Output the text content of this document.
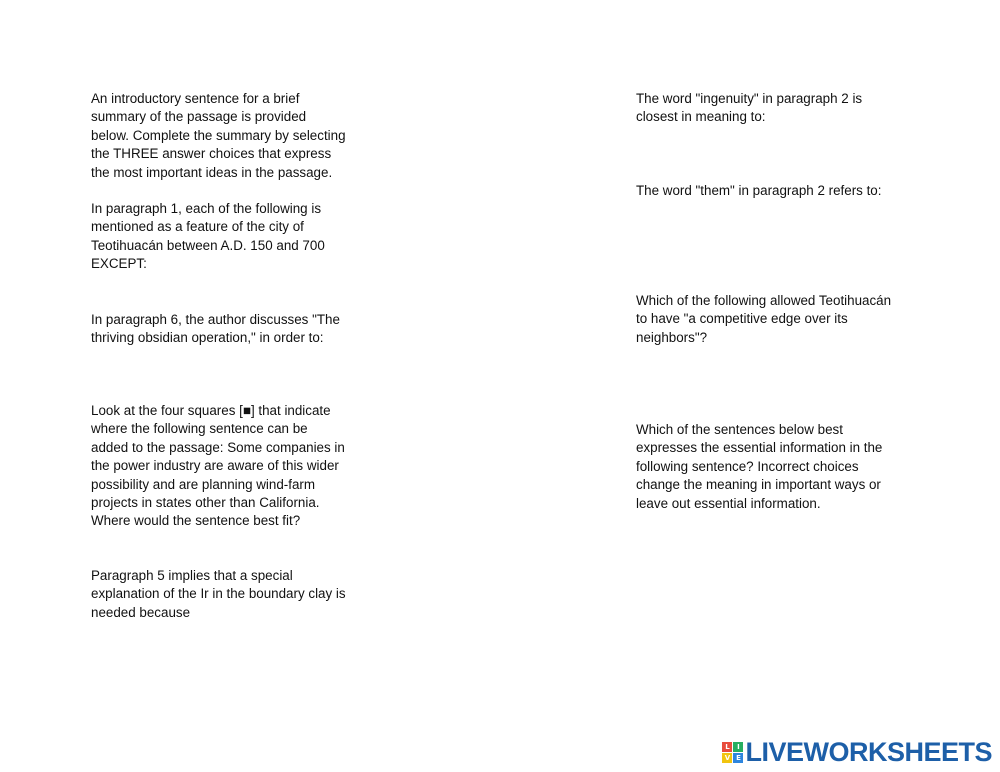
An introductory sentence for a brief
summary of the passage is provided
below. Complete the summary by selecting
the THREE answer choices that express
the most important ideas in the passage.

In paragraph 1, each of the following is
mentioned as a feature of the city of
Teotihuacán between A.D. 150 and 700
EXCEPT:

In paragraph 6, the author discusses "The
thriving obsidian operation," in order to:

Look at the four squares [■] that indicate
where the following sentence can be
added to the passage: Some companies in
the power industry are aware of this wider
possibility and are planning wind-farm
projects in states other than California.
Where would the sentence best fit?

Paragraph 5 implies that a special
explanation of the Ir in the boundary clay is
needed because

The word "ingenuity" in paragraph 2 is
closest in meaning to:

The word "them" in paragraph 2 refers to:

Which of the following allowed Teotihuacán
to have "a competitive edge over its
neighbors"?

Which of the sentences below best
expresses the essential information in the
following sentence? Incorrect choices
change the meaning in important ways or
leave out essential information.

L	I
V E LIVEWORKSHEETS
